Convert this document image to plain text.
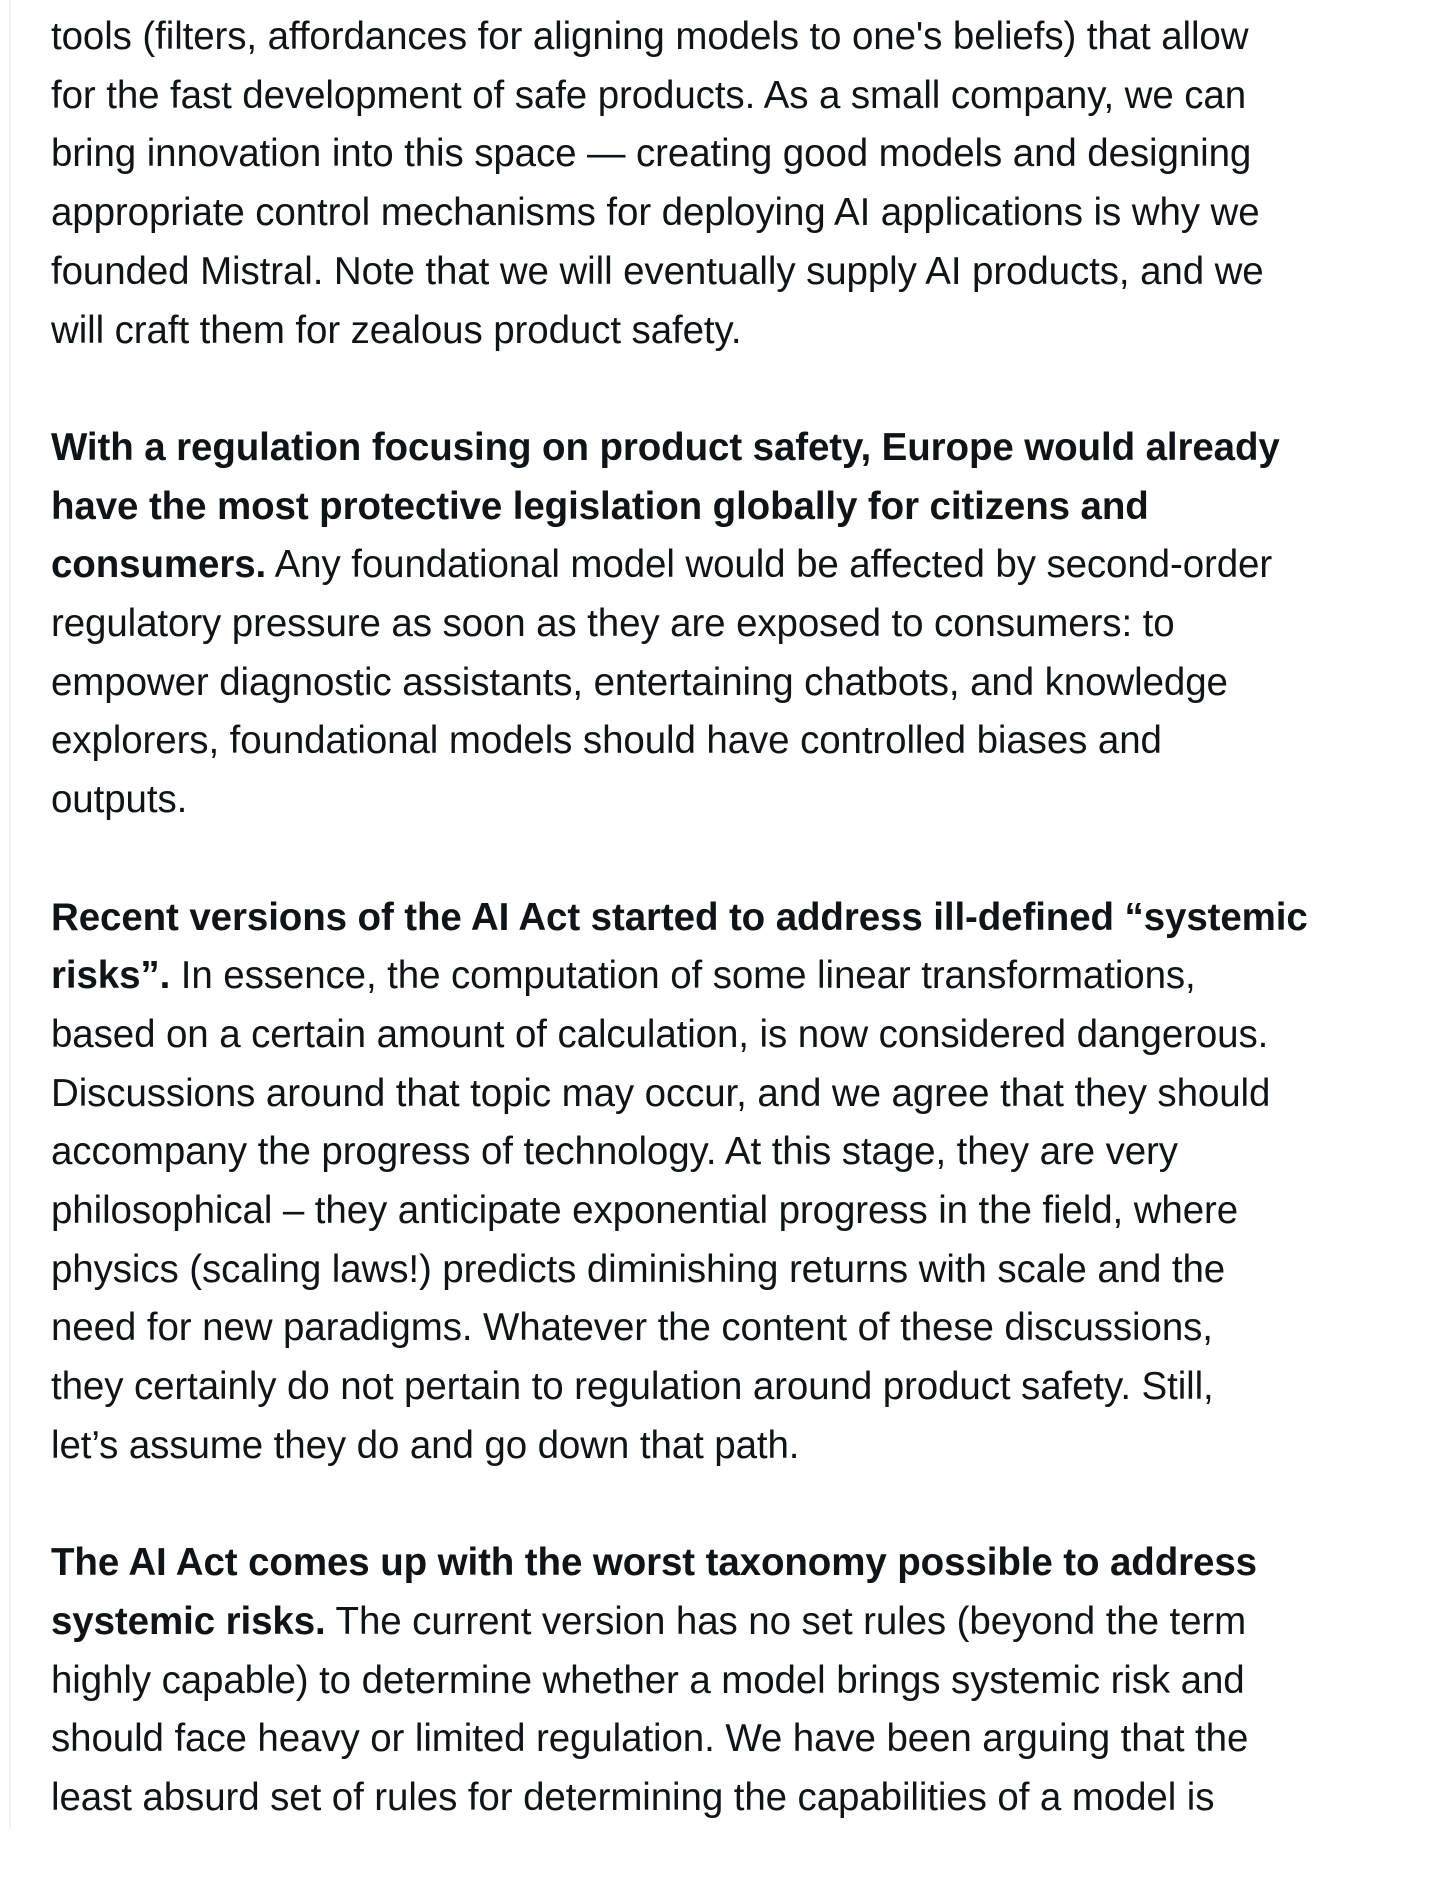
tools (filters, affordances for aligning models to one's beliefs) that allow
for the fast development of safe products. As a small company, we can
bring innovation into this space — creating good models and designing
appropriate control mechanisms for deploying AI applications is why we
founded Mistral. Note that we will eventually supply AI products, and we
will craft them for zealous product safety.

With a regulation focusing on product safety, Europe would already
have the most protective legislation globally for citizens and
consumers. Any foundational model would be affected by second-order
regulatory pressure as soon as they are exposed to consumers: to
empower diagnostic assistants, entertaining chatbots, and knowledge
explorers, foundational models should have controlled biases and
outputs.

Recent versions of the AI Act started to address ill-defined “systemic
risks”. In essence, the computation of some linear transformations,
based on a certain amount of calculation, is now considered dangerous.
Discussions around that topic may occur, and we agree that they should
accompany the progress of technology. At this stage, they are very
philosophical – they anticipate exponential progress in the field, where
physics (scaling laws!) predicts diminishing returns with scale and the
need for new paradigms. Whatever the content of these discussions,
they certainly do not pertain to regulation around product safety. Still,
let’s assume they do and go down that path.

The AI Act comes up with the worst taxonomy possible to address
systemic risks. The current version has no set rules (beyond the term
highly capable) to determine whether a model brings systemic risk and
should face heavy or limited regulation. We have been arguing that the
least absurd set of rules for determining the capabilities of a model is
